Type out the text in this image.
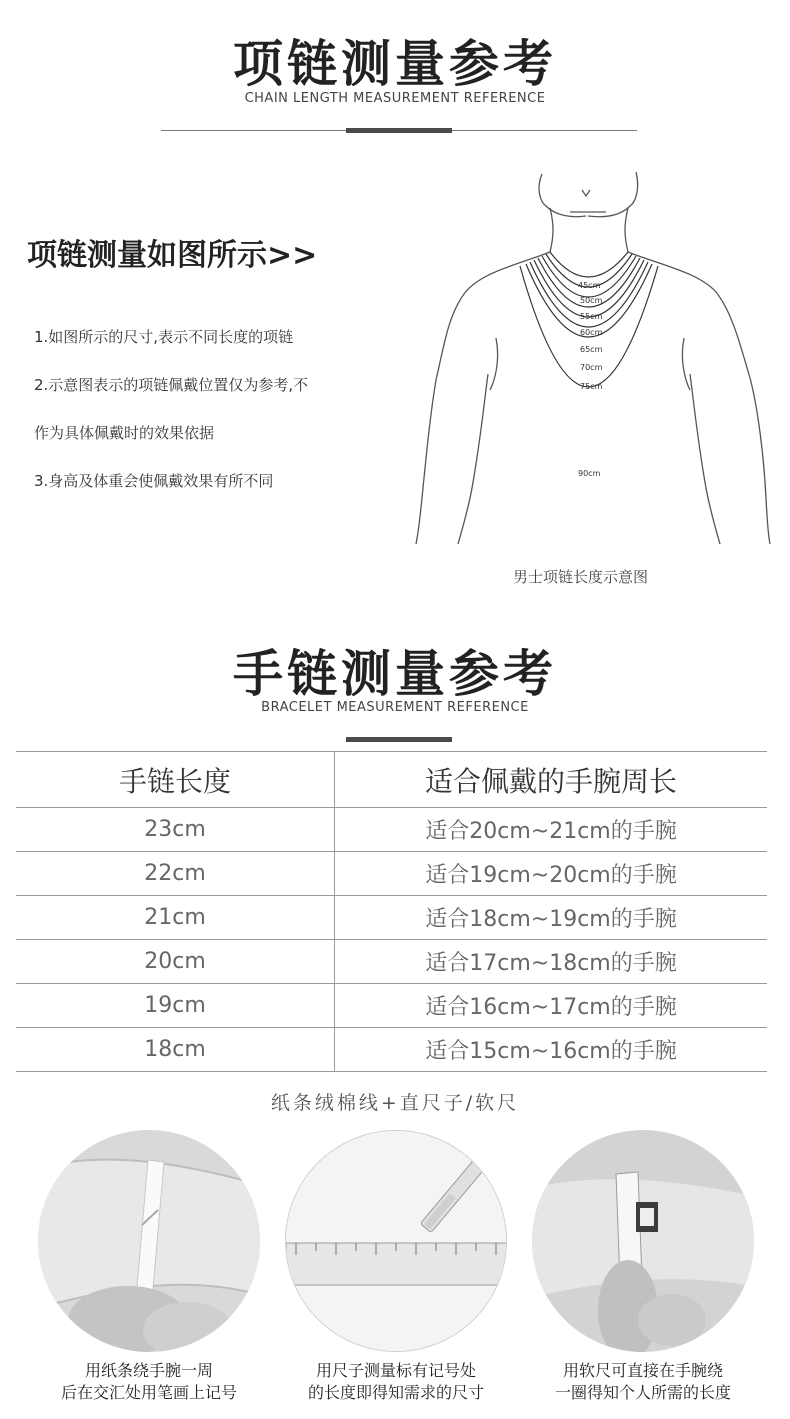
项链测量参考
CHAIN LENGTH MEASUREMENT REFERENCE
项链测量如图所示>>
1.如图所示的尺寸,表示不同长度的项链
2.示意图表示的项链佩戴位置仅为参考,不
作为具体佩戴时的效果依据
3.身高及体重会使佩戴效果有所不同
45cm
50cm
55cm
60cm
65cm
70cm
75cm
90cm
男士项链长度示意图
手链测量参考
BRACELET MEASUREMENT REFERENCE
手链长度	适合佩戴的手腕周长
23cm	适合20cm~21cm的手腕
22cm	适合19cm~20cm的手腕
21cm	适合18cm~19cm的手腕
20cm	适合17cm~18cm的手腕
19cm	适合16cm~17cm的手腕
18cm	适合15cm~16cm的手腕
纸条绒棉线+直尺子/软尺
用纸条绕手腕一周
后在交汇处用笔画上记号
用尺子测量标有记号处
的长度即得知需求的尺寸
用软尺可直接在手腕绕
一圈得知个人所需的长度
